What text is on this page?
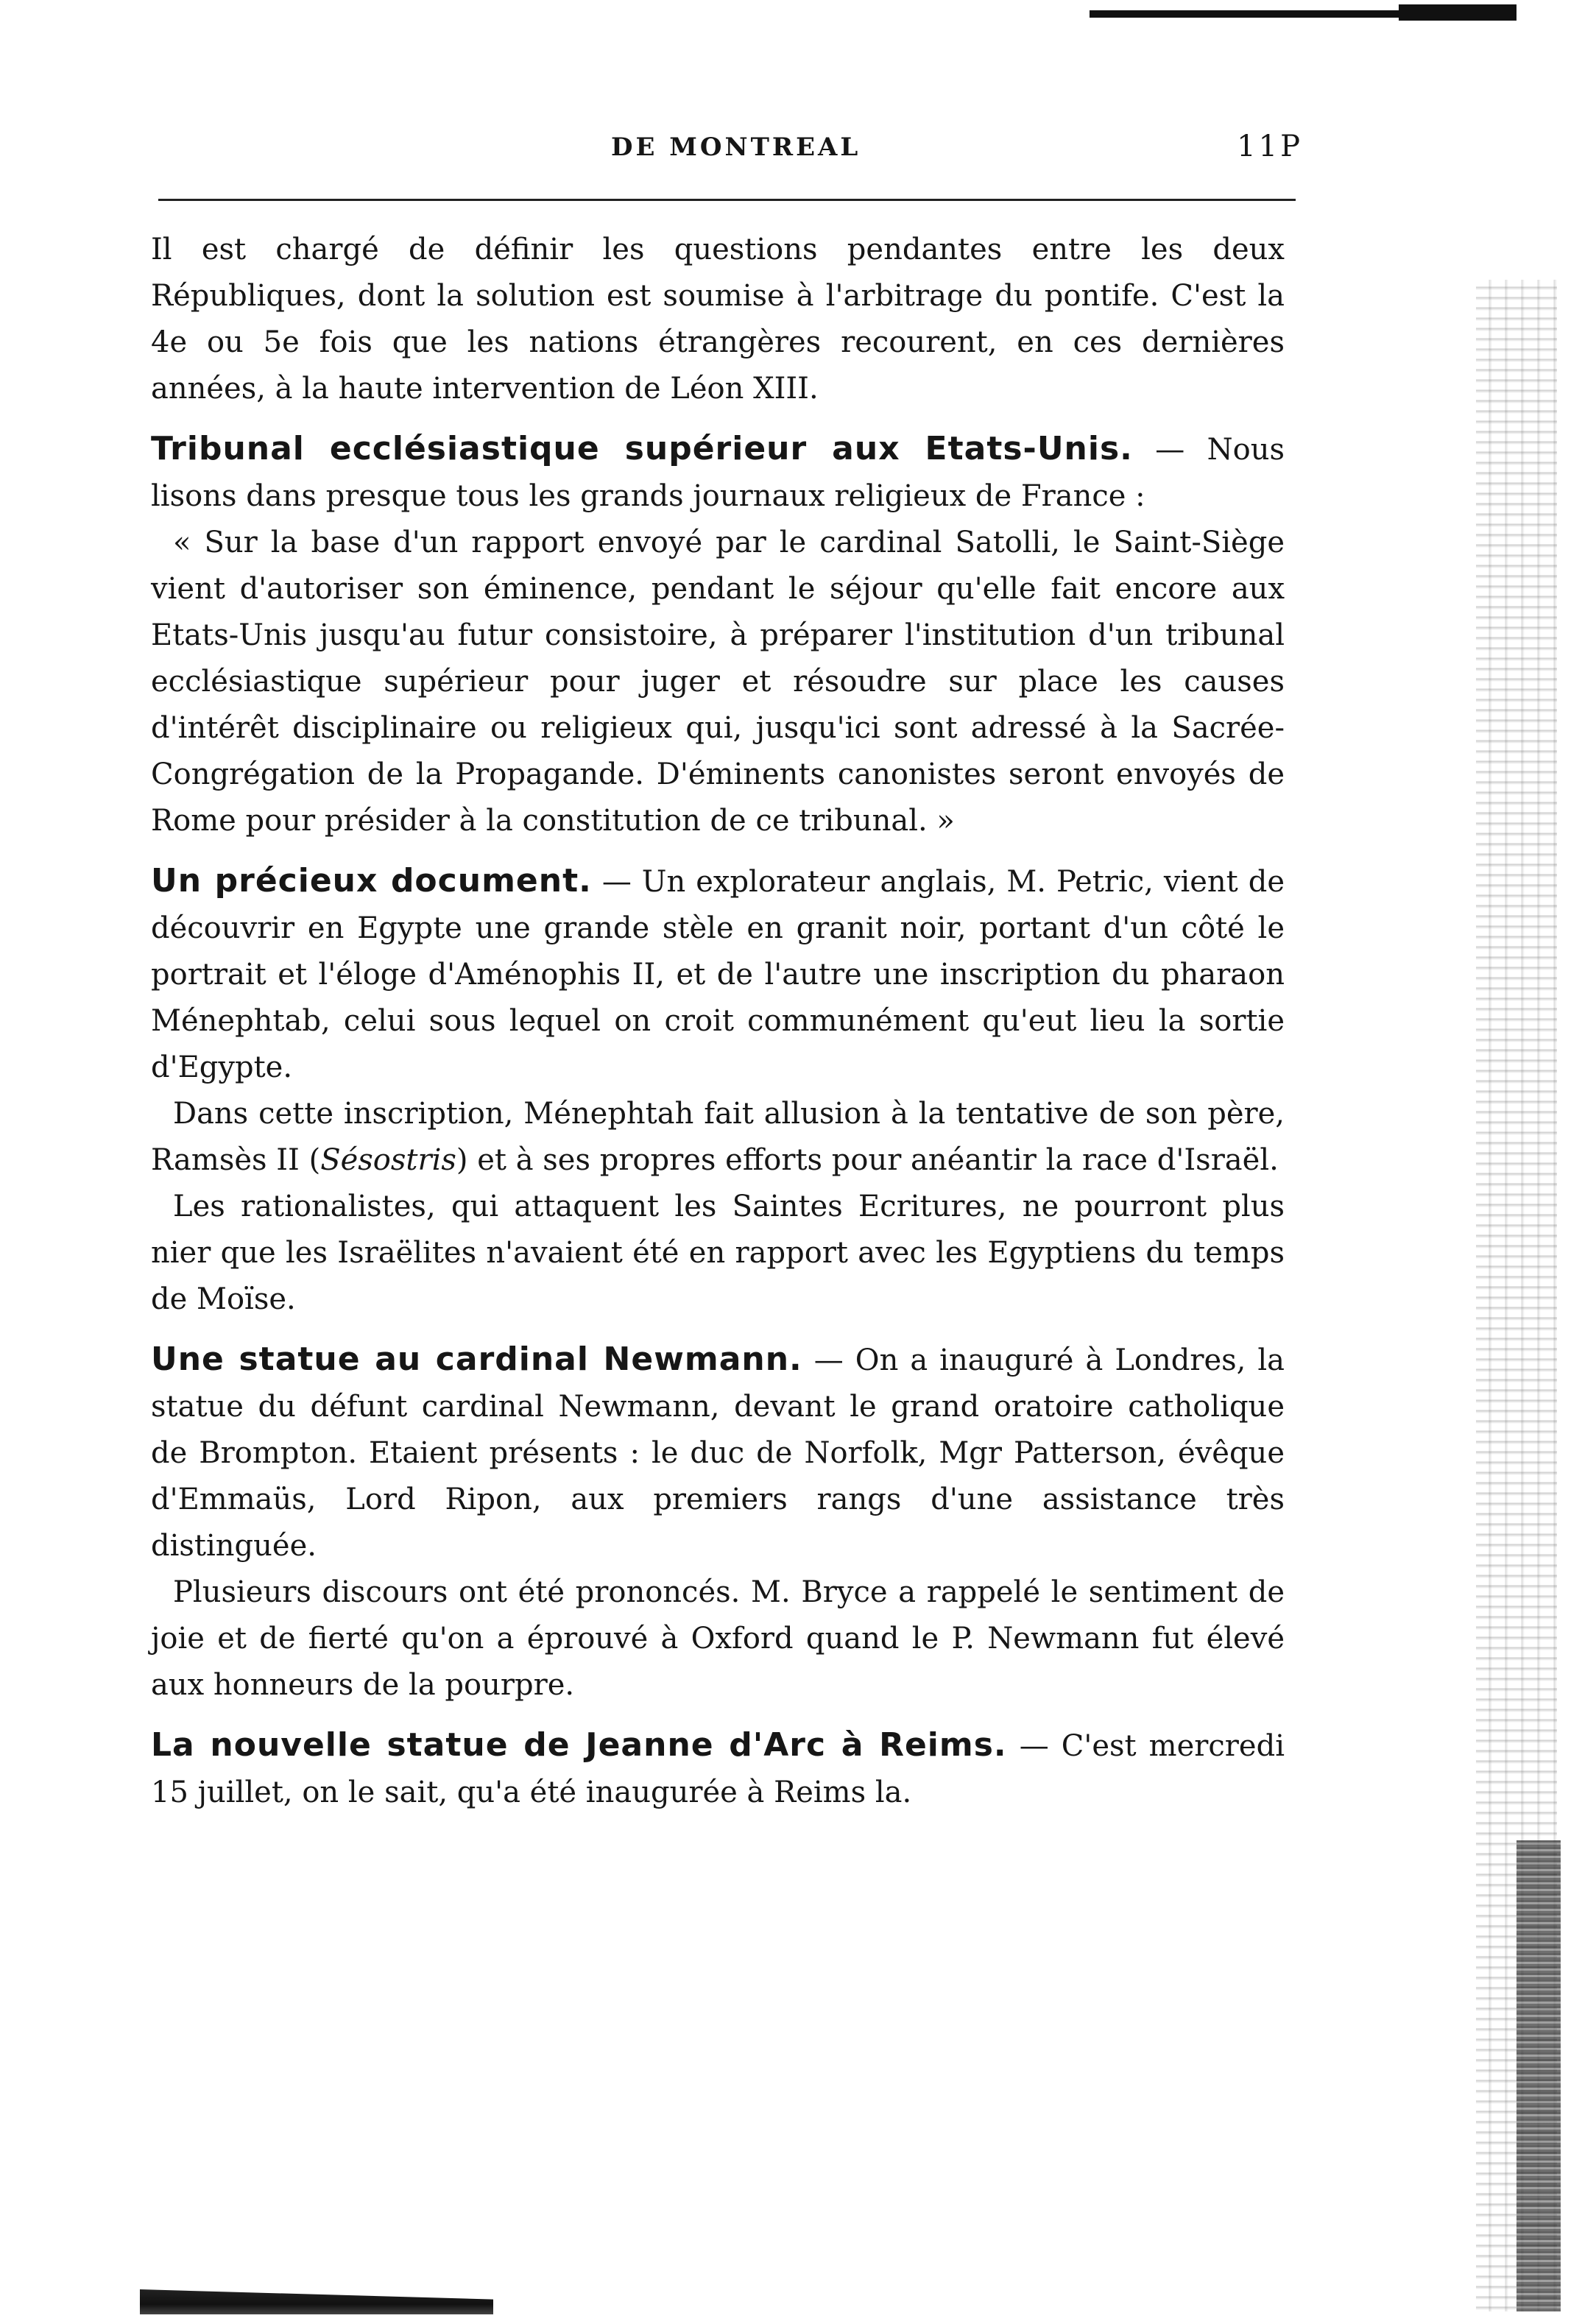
DE MONTREAL	11P

Il est chargé de définir les questions pendantes entre les deux Républiques, dont la solution est soumise à l'arbitrage du pontife. C'est la 4e ou 5e fois que les nations étrangères recourent, en ces dernières années, à la haute intervention de Léon XIII.

Tribunal ecclésiastique supérieur aux Etats-Unis. — Nous lisons dans presque tous les grands journaux religieux de France :

« Sur la base d'un rapport envoyé par le cardinal Satolli, le Saint-Siège vient d'autoriser son éminence, pendant le séjour qu'elle fait encore aux Etats-Unis jusqu'au futur consistoire, à préparer l'institution d'un tribunal ecclésiastique supérieur pour juger et résoudre sur place les causes d'intérêt disciplinaire ou religieux qui, jusqu'ici sont adressé à la Sacrée-Congrégation de la Propagande. D'éminents canonistes seront envoyés de Rome pour présider à la constitution de ce tribunal. »

Un précieux document. — Un explorateur anglais, M. Petric, vient de découvrir en Egypte une grande stèle en granit noir, portant d'un côté le portrait et l'éloge d'Aménophis II, et de l'autre une inscription du pharaon Ménephtab, celui sous lequel on croit communément qu'eut lieu la sortie d'Egypte.

Dans cette inscription, Ménephtah fait allusion à la tentative de son père, Ramsès II (Sésostris) et à ses propres efforts pour anéantir la race d'Israël.

Les rationalistes, qui attaquent les Saintes Ecritures, ne pourront plus nier que les Israëlites n'avaient été en rapport avec les Egyptiens du temps de Moïse.

Une statue au cardinal Newmann. — On a inauguré à Londres, la statue du défunt cardinal Newmann, devant le grand oratoire catholique de Brompton. Etaient présents : le duc de Norfolk, Mgr Patterson, évêque d'Emmaüs, Lord Ripon, aux premiers rangs d'une assistance très distinguée.

Plusieurs discours ont été prononcés. M. Bryce a rappelé le sentiment de joie et de fierté qu'on a éprouvé à Oxford quand le P. Newmann fut élevé aux honneurs de la pourpre.

La nouvelle statue de Jeanne d'Arc à Reims. — C'est mercredi 15 juillet, on le sait, qu'a été inaugurée à Reims la.
